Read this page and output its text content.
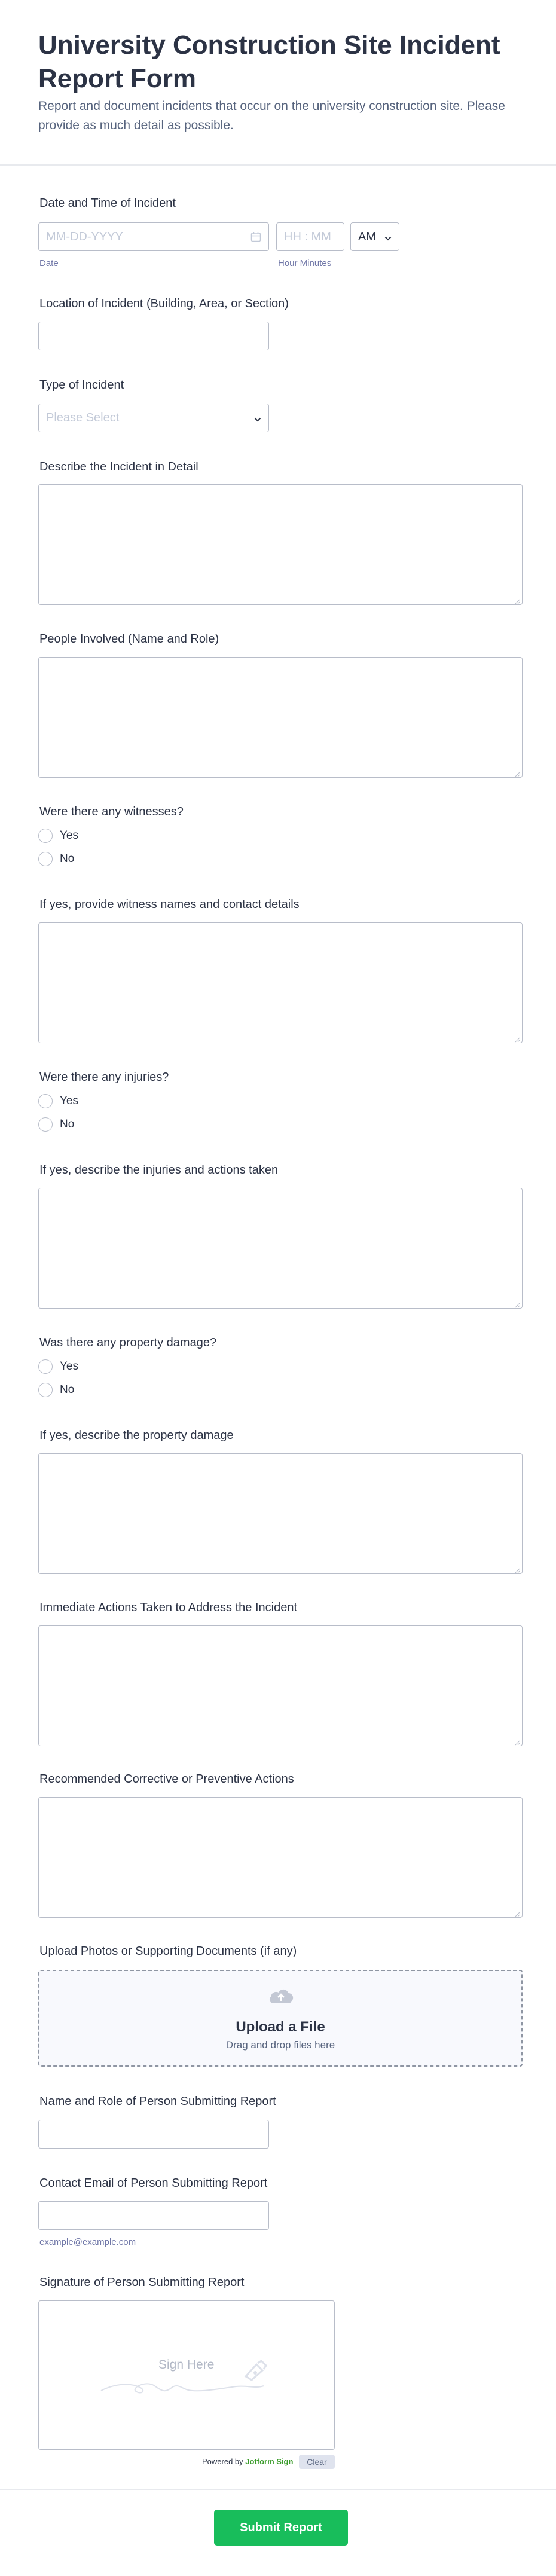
University Construction Site Incident Report Form

Report and document incidents that occur on the university construction site. Please provide as much detail as possible.

Date and Time of Incident
MM-DD-YYYY
Date
HH : MM
Hour Minutes
AM
Location of Incident (Building, Area, or Section)
Type of Incident
Please Select
Describe the Incident in Detail
People Involved (Name and Role)
Were there any witnesses?
Yes
No
If yes, provide witness names and contact details
Were there any injuries?
Yes
No
If yes, describe the injuries and actions taken
Was there any property damage?
Yes
No
If yes, describe the property damage
Immediate Actions Taken to Address the Incident
Recommended Corrective or Preventive Actions
Upload Photos or Supporting Documents (if any)
Upload a File
Drag and drop files here
Name and Role of Person Submitting Report
Contact Email of Person Submitting Report
example@example.com
Signature of Person Submitting Report
Sign Here
Powered by Jotform Sign	Clear
Submit Report
